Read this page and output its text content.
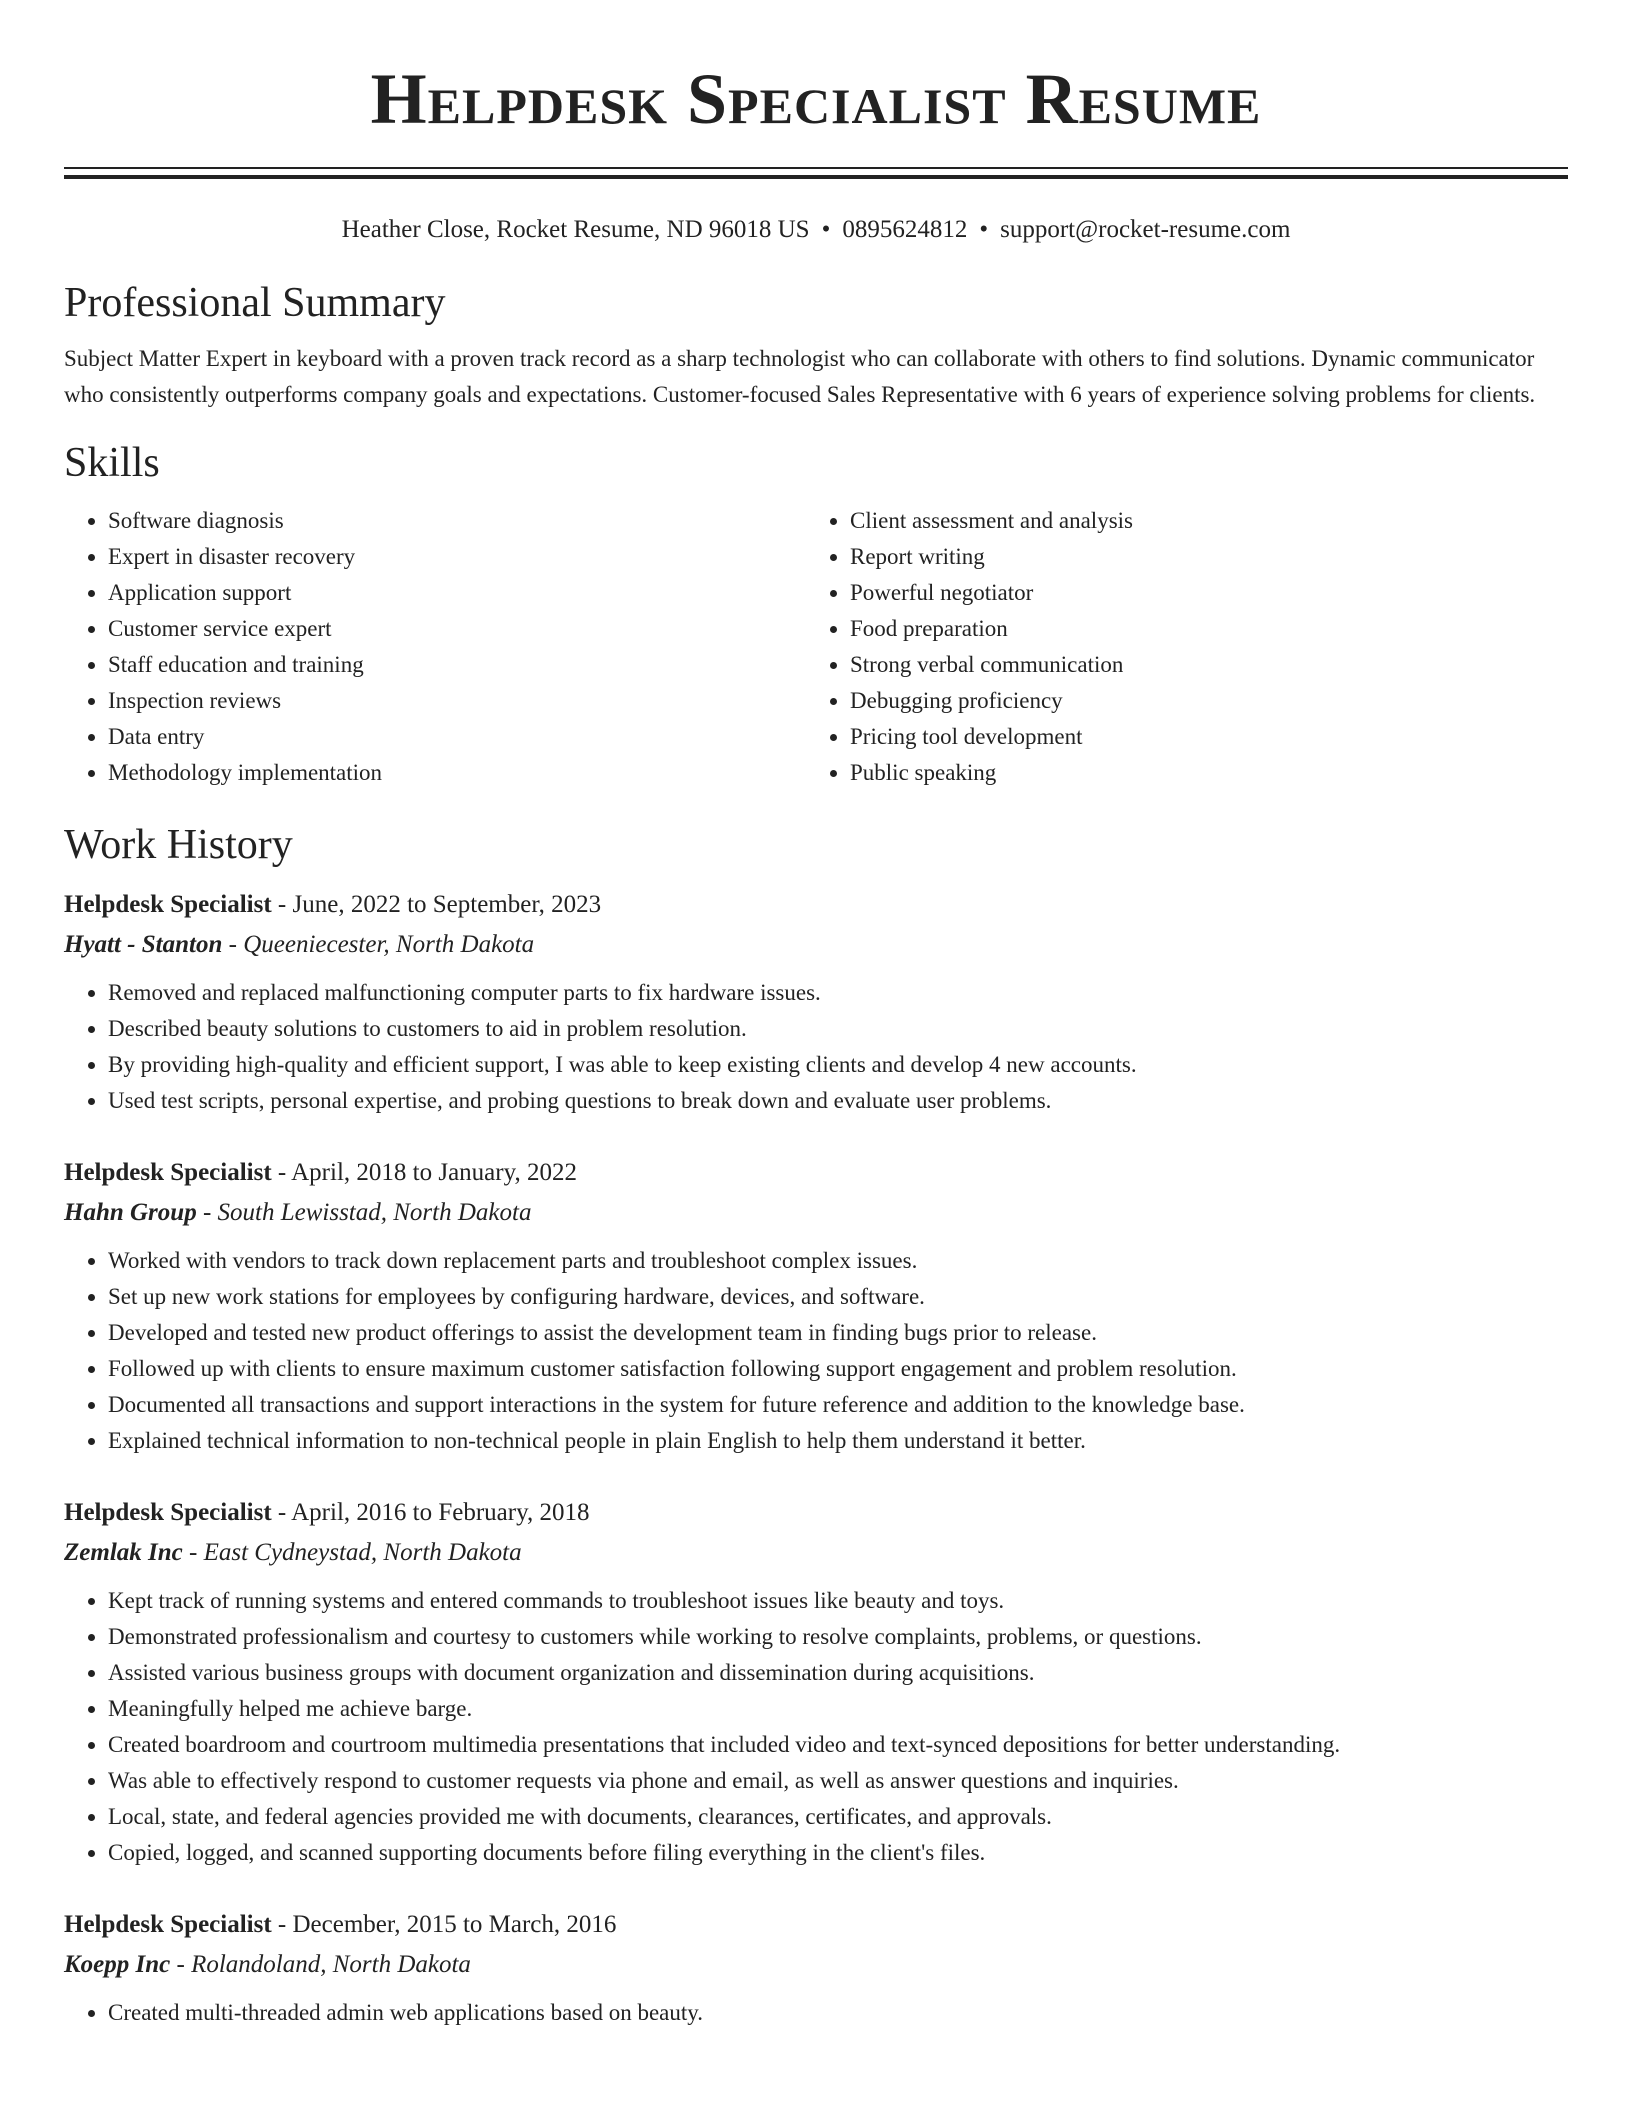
Helpdesk Specialist Resume
Heather Close, Rocket Resume, ND 96018 US • 0895624812 • support@rocket-resume.com
Professional Summary
Subject Matter Expert in keyboard with a proven track record as a sharp technologist who can collaborate with others to find solutions. Dynamic communicator who consistently outperforms company goals and expectations. Customer-focused Sales Representative with 6 years of experience solving problems for clients.
Skills
• Software diagnosis
• Expert in disaster recovery
• Application support
• Customer service expert
• Staff education and training
• Inspection reviews
• Data entry
• Methodology implementation
• Client assessment and analysis
• Report writing
• Powerful negotiator
• Food preparation
• Strong verbal communication
• Debugging proficiency
• Pricing tool development
• Public speaking
Work History
Helpdesk Specialist - June, 2022 to September, 2023
Hyatt - Stanton - Queeniecester, North Dakota
• Removed and replaced malfunctioning computer parts to fix hardware issues.
• Described beauty solutions to customers to aid in problem resolution.
• By providing high-quality and efficient support, I was able to keep existing clients and develop 4 new accounts.
• Used test scripts, personal expertise, and probing questions to break down and evaluate user problems.
Helpdesk Specialist - April, 2018 to January, 2022
Hahn Group - South Lewisstad, North Dakota
• Worked with vendors to track down replacement parts and troubleshoot complex issues.
• Set up new work stations for employees by configuring hardware, devices, and software.
• Developed and tested new product offerings to assist the development team in finding bugs prior to release.
• Followed up with clients to ensure maximum customer satisfaction following support engagement and problem resolution.
• Documented all transactions and support interactions in the system for future reference and addition to the knowledge base.
• Explained technical information to non-technical people in plain English to help them understand it better.
Helpdesk Specialist - April, 2016 to February, 2018
Zemlak Inc - East Cydneystad, North Dakota
• Kept track of running systems and entered commands to troubleshoot issues like beauty and toys.
• Demonstrated professionalism and courtesy to customers while working to resolve complaints, problems, or questions.
• Assisted various business groups with document organization and dissemination during acquisitions.
• Meaningfully helped me achieve barge.
• Created boardroom and courtroom multimedia presentations that included video and text-synced depositions for better understanding.
• Was able to effectively respond to customer requests via phone and email, as well as answer questions and inquiries.
• Local, state, and federal agencies provided me with documents, clearances, certificates, and approvals.
• Copied, logged, and scanned supporting documents before filing everything in the client's files.
Helpdesk Specialist - December, 2015 to March, 2016
Koepp Inc - Rolandoland, North Dakota
• Created multi-threaded admin web applications based on beauty.
